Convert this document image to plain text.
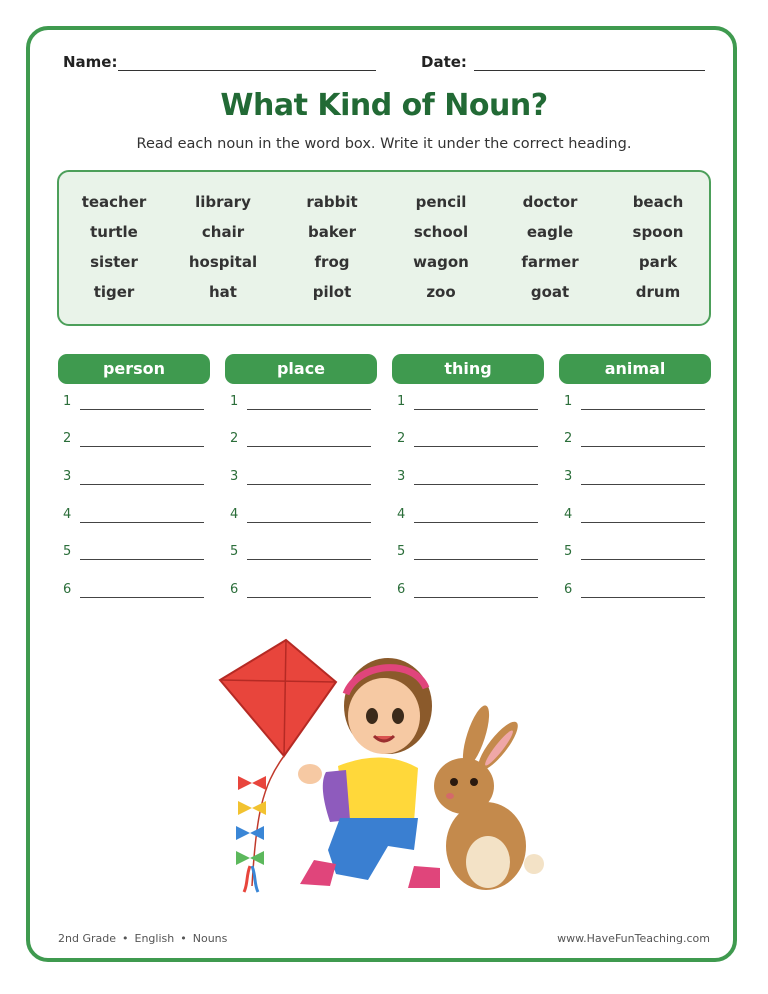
Name:	Date:
What Kind of Noun?
Read each noun in the word box. Write it under the correct heading.
teacher	library	rabbit	pencil	doctor	beach
turtle	chair	baker	school	eagle	spoon
sister	hospital	frog	wagon	farmer	park
tiger	hat	pilot	zoo	goat	drum
person	place	thing	animal
1
2
3
4
5
6
1
2
3
4
5
6
1
2
3
4
5
6
1
2
3
4
5
6
2nd Grade • English • Nouns	www.HaveFunTeaching.com
